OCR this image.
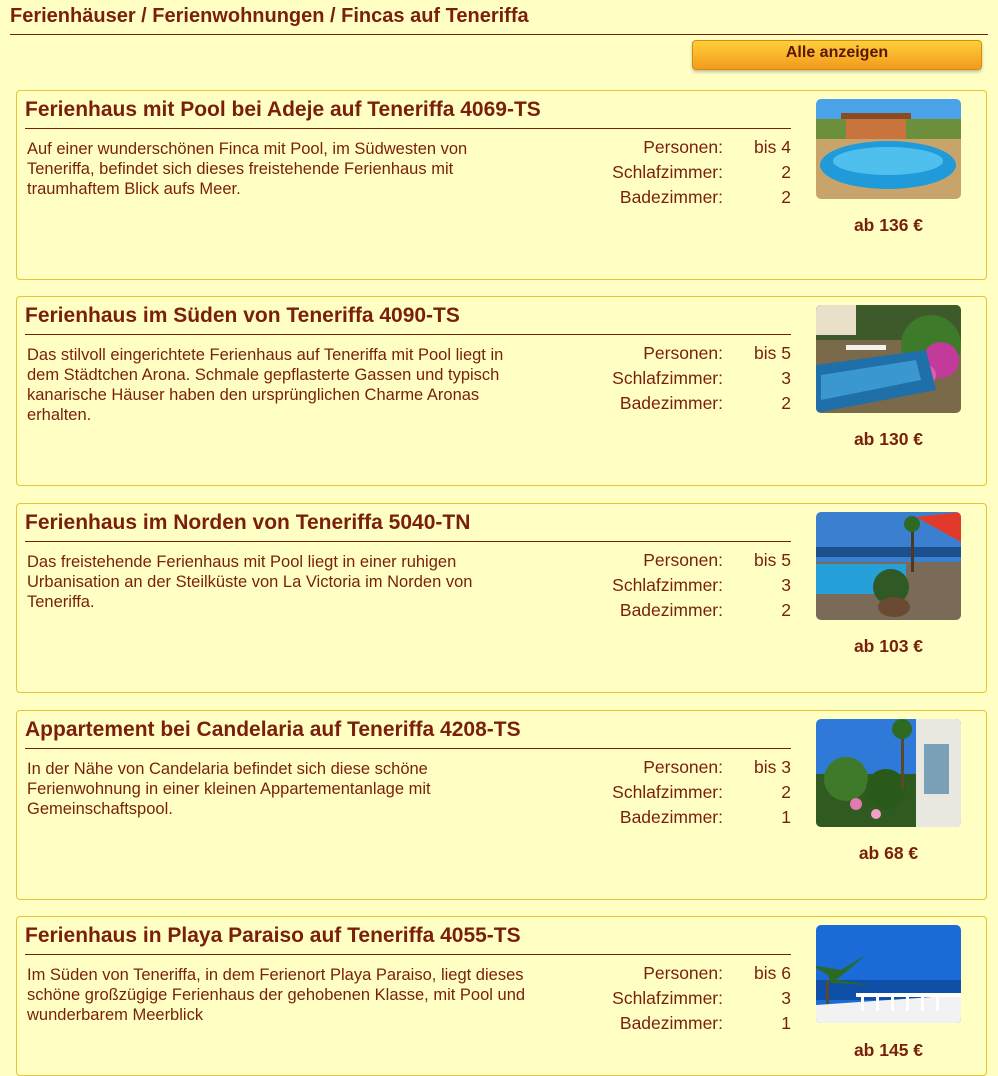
Ferienhäuser / Ferienwohnungen / Fincas auf Teneriffa
Alle anzeigen
Ferienhaus mit Pool bei Adeje auf Teneriffa 4069-TS
Auf einer wunderschönen Finca mit Pool, im Südwesten von Teneriffa, befindet sich dieses freistehende Ferienhaus mit traumhaftem Blick aufs Meer.
Personen:	bis 4
Schlafzimmer:	2
Badezimmer:	2
ab 136 €
Ferienhaus im Süden von Teneriffa 4090-TS
Das stilvoll eingerichtete Ferienhaus auf Teneriffa mit Pool liegt in dem Städtchen Arona. Schmale gepflasterte Gassen und typisch kanarische Häuser haben den ursprünglichen Charme Aronas erhalten.
Personen:	bis 5
Schlafzimmer:	3
Badezimmer:	2
ab 130 €
Ferienhaus im Norden von Teneriffa 5040-TN
Das freistehende Ferienhaus mit Pool liegt in einer ruhigen Urbanisation an der Steilküste von La Victoria im Norden von Teneriffa.
Personen:	bis 5
Schlafzimmer:	3
Badezimmer:	2
ab 103 €
Appartement bei Candelaria auf Teneriffa 4208-TS
In der Nähe von Candelaria befindet sich diese schöne Ferienwohnung in einer kleinen Appartementanlage mit Gemeinschaftspool.
Personen:	bis 3
Schlafzimmer:	2
Badezimmer:	1
ab 68 €
Ferienhaus in Playa Paraiso auf Teneriffa 4055-TS
Im Süden von Teneriffa, in dem Ferienort Playa Paraiso, liegt dieses schöne großzügige Ferienhaus der gehobenen Klasse, mit Pool und wunderbarem Meerblick
Personen:	bis 6
Schlafzimmer:	3
Badezimmer:	1
ab 145 €
